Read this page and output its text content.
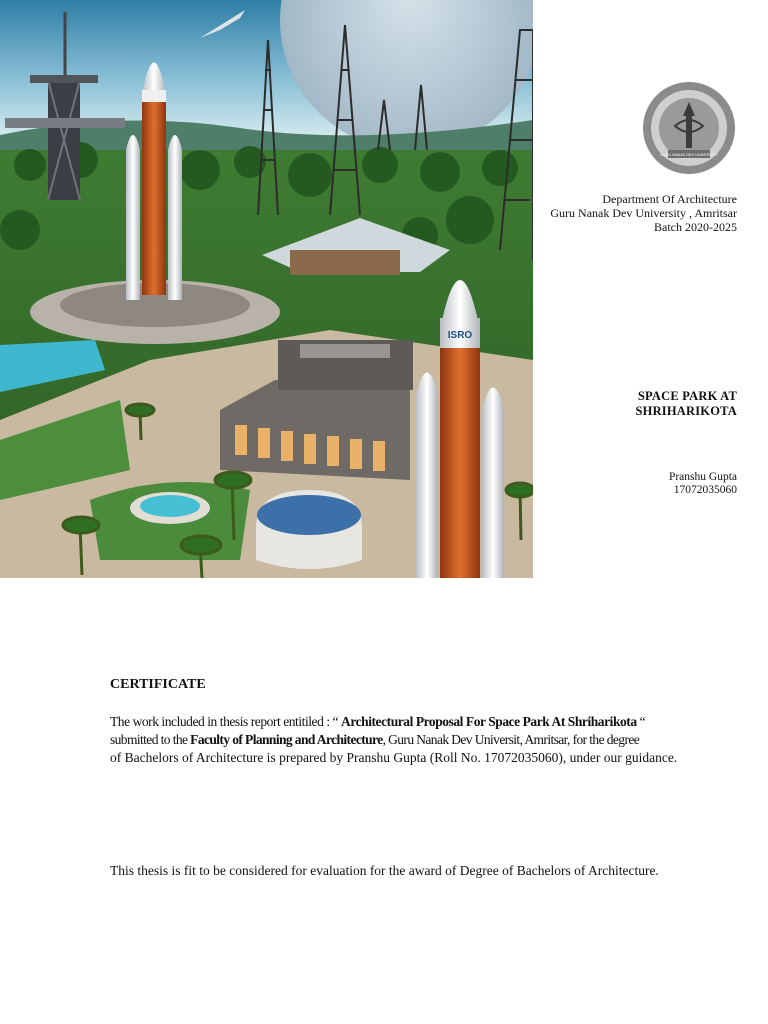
ISRO
GURU NANAK DEV UNIVERSITY
Department Of Architecture
Guru Nanak Dev University , Amritsar
Batch 2020-2025
SPACE PARK AT
SHRIHARIKOTA
Pranshu Gupta
17072035060
CERTIFICATE
The work included in thesis report entitiled : “ Architectural Proposal For Space Park At Shriharikota “
submitted to the Faculty of Planning and Architecture, Guru Nanak Dev Universit, Amritsar, for the degree
of Bachelors of Architecture is prepared by Pranshu Gupta (Roll No. 17072035060), under our guidance.
This thesis is fit to be considered for evaluation for the award of Degree of Bachelors of Architecture.
